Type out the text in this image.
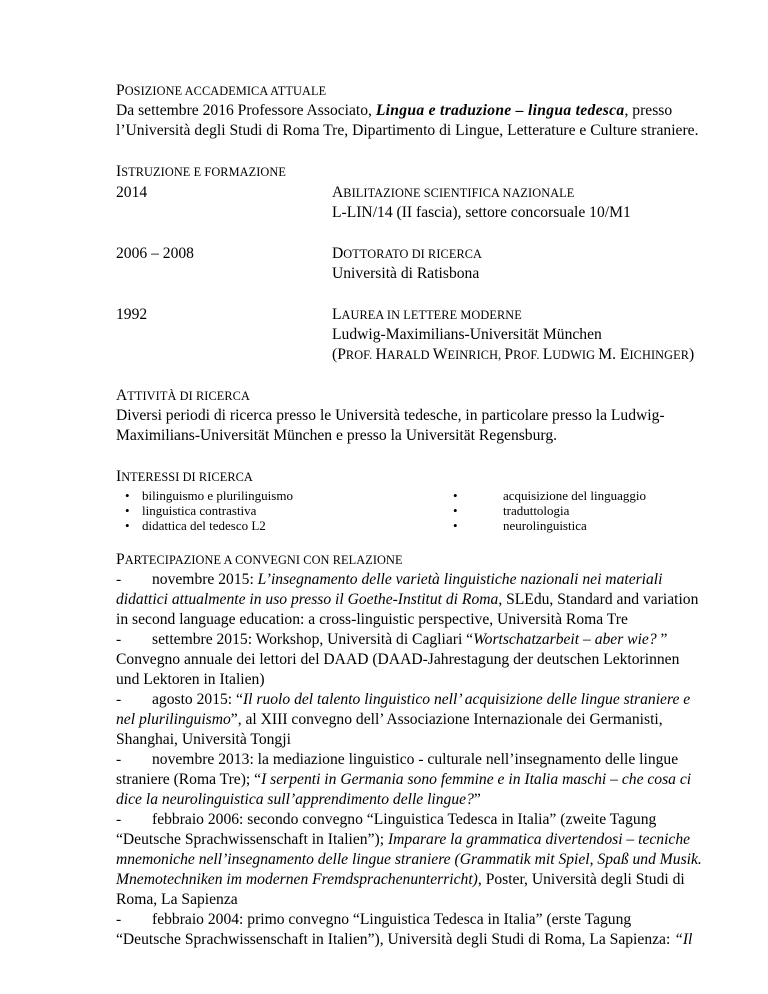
POSIZIONE ACCADEMICA ATTUALE
Da settembre 2016 Professore Associato, Lingua e traduzione – lingua tedesca, presso
l’Università degli Studi di Roma Tre, Dipartimento di Lingue, Letterature e Culture straniere.
ISTRUZIONE E FORMAZIONE
2014	ABILITAZIONE SCIENTIFICA NAZIONALE
L-LIN/14 (II fascia), settore concorsuale 10/M1
2006 – 2008	DOTTORATO DI RICERCA
Università di Ratisbona
1992	LAUREA IN LETTERE MODERNE
Ludwig-Maximilians-Universität München
(PROF. HARALD WEINRICH, PROF. LUDWIG M. EICHINGER)
ATTIVITÀ DI RICERCA
Diversi periodi di ricerca presso le Università tedesche, in particolare presso la Ludwig-
Maximilians-Universität München e presso la Universität Regensburg.
INTERESSI DI RICERCA
• bilinguismo e plurilinguismo
• linguistica contrastiva
• didattica del tedesco L2
•	acquisizione del linguaggio
•	traduttologia
•	neurolinguistica
PARTECIPAZIONE A CONVEGNI CON RELAZIONE
- novembre 2015: L’insegnamento delle varietà linguistiche nazionali nei materiali
didattici attualmente in uso presso il Goethe-Institut di Roma, SLEdu, Standard and variation
in second language education: a cross-linguistic perspective, Università Roma Tre
- settembre 2015: Workshop, Università di Cagliari “Wortschatzarbeit – aber wie? ”
Convegno annuale dei lettori del DAAD (DAAD-Jahrestagung der deutschen Lektorinnen
und Lektoren in Italien)
- agosto 2015: “Il ruolo del talento linguistico nell’ acquisizione delle lingue straniere e
nel plurilinguismo”, al XIII convegno dell’ Associazione Internazionale dei Germanisti,
Shanghai, Università Tongji
- novembre 2013: la mediazione linguistico - culturale nell’insegnamento delle lingue
straniere (Roma Tre); “I serpenti in Germania sono femmine e in Italia maschi – che cosa ci
dice la neurolinguistica sull’apprendimento delle lingue?”
- febbraio 2006: secondo convegno “Linguistica Tedesca in Italia” (zweite Tagung
“Deutsche Sprachwissenschaft in Italien”); Imparare la grammatica divertendosi – tecniche
mnemoniche nell’insegnamento delle lingue straniere (Grammatik mit Spiel, Spaß und Musik.
Mnemotechniken im modernen Fremdsprachenunterricht), Poster, Università degli Studi di
Roma, La Sapienza
- febbraio 2004: primo convegno “Linguistica Tedesca in Italia” (erste Tagung
“Deutsche Sprachwissenschaft in Italien”), Università degli Studi di Roma, La Sapienza: “Il
